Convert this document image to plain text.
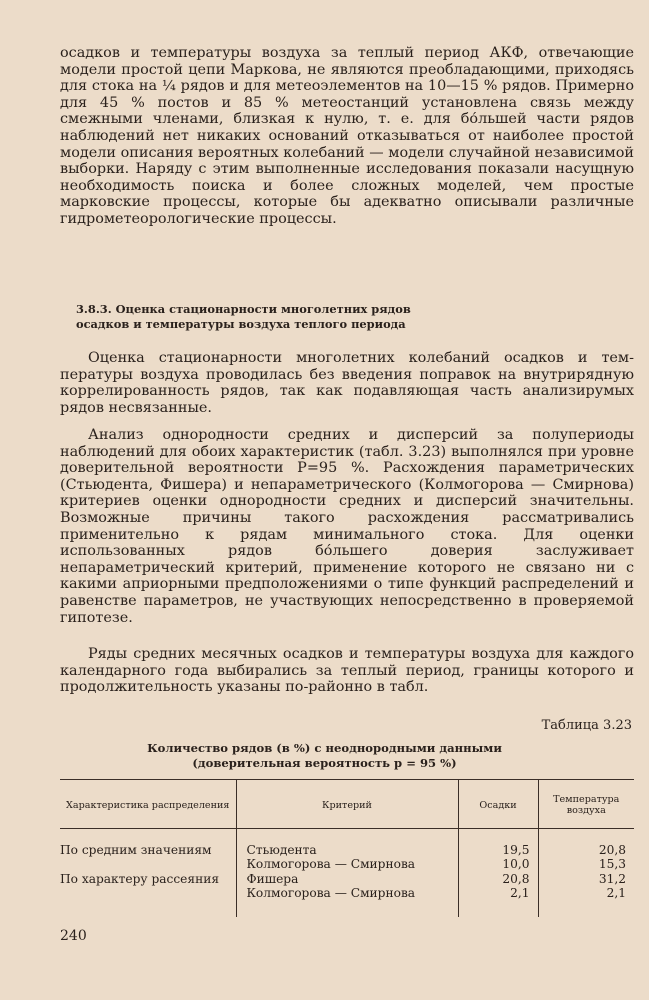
осадков и температуры воздуха за теплый период АКФ, отвечающие модели простой цепи Маркова, не являются преобладающими, приходясь для стока на ¼ рядов и для метеоэлементов на 10—15 % рядов. Примерно для 45 % постов и 85 % метеостанций установлена связь между смежными членами, близкая к нулю, т. е. для бо́льшей части рядов наблюдений нет никаких оснований отказываться от наиболее простой модели описания вероятных колебаний — модели случайной независимой выборки. Наряду с этим выполненные исследования показали насущную необходимость поиска и более сложных моделей, чем простые марковские процессы, которые бы адекватно описывали различные гидрометеорологические процессы.
3.8.3. Оценка стационарности многолетних рядов
осадков и температуры воздуха теплого периода
Оценка стационарности многолетних колебаний осадков и температуры воздуха проводилась без введения поправок на внутрирядную коррелированность рядов, так как подавляющая часть анализирумых рядов несвязанные.
Анализ однородности средних и дисперсий за полупериоды наблюдений для обоих характеристик (табл. 3.23) выполнялся при уровне доверительной вероятности P=95 %. Расхождения параметрических (Стьюдента, Фишера) и непараметрического (Колмогорова — Смирнова) критериев оценки однородности средних и дисперсий значительны. Возможные причины такого расхождения рассматривались применительно к рядам минимального стока. Для оценки использованных рядов бо́льшего доверия заслуживает непараметрический критерий, применение которого не связано ни с какими априорными предположениями о типе функций распределений и равенстве параметров, не участвующих непосредственно в проверяемой гипотезе.
Ряды средних месячных осадков и температуры воздуха для каждого календарного года выбирались за теплый период, границы которого и продолжительность указаны по-районно в табл.
Таблица 3.23
Количество рядов (в %) с неоднородными данными
(доверительная вероятность p = 95 %)
Характеристика распределения	Критерий	Осадки	Температура воздуха
По средним значениям	Стьюдента	19,5	20,8
	Колмогорова — Смирнова	10,0	15,3
По характеру рассеяния	Фишера	20,8	31,2
	Колмогорова — Смирнова	2,1	2,1
240
